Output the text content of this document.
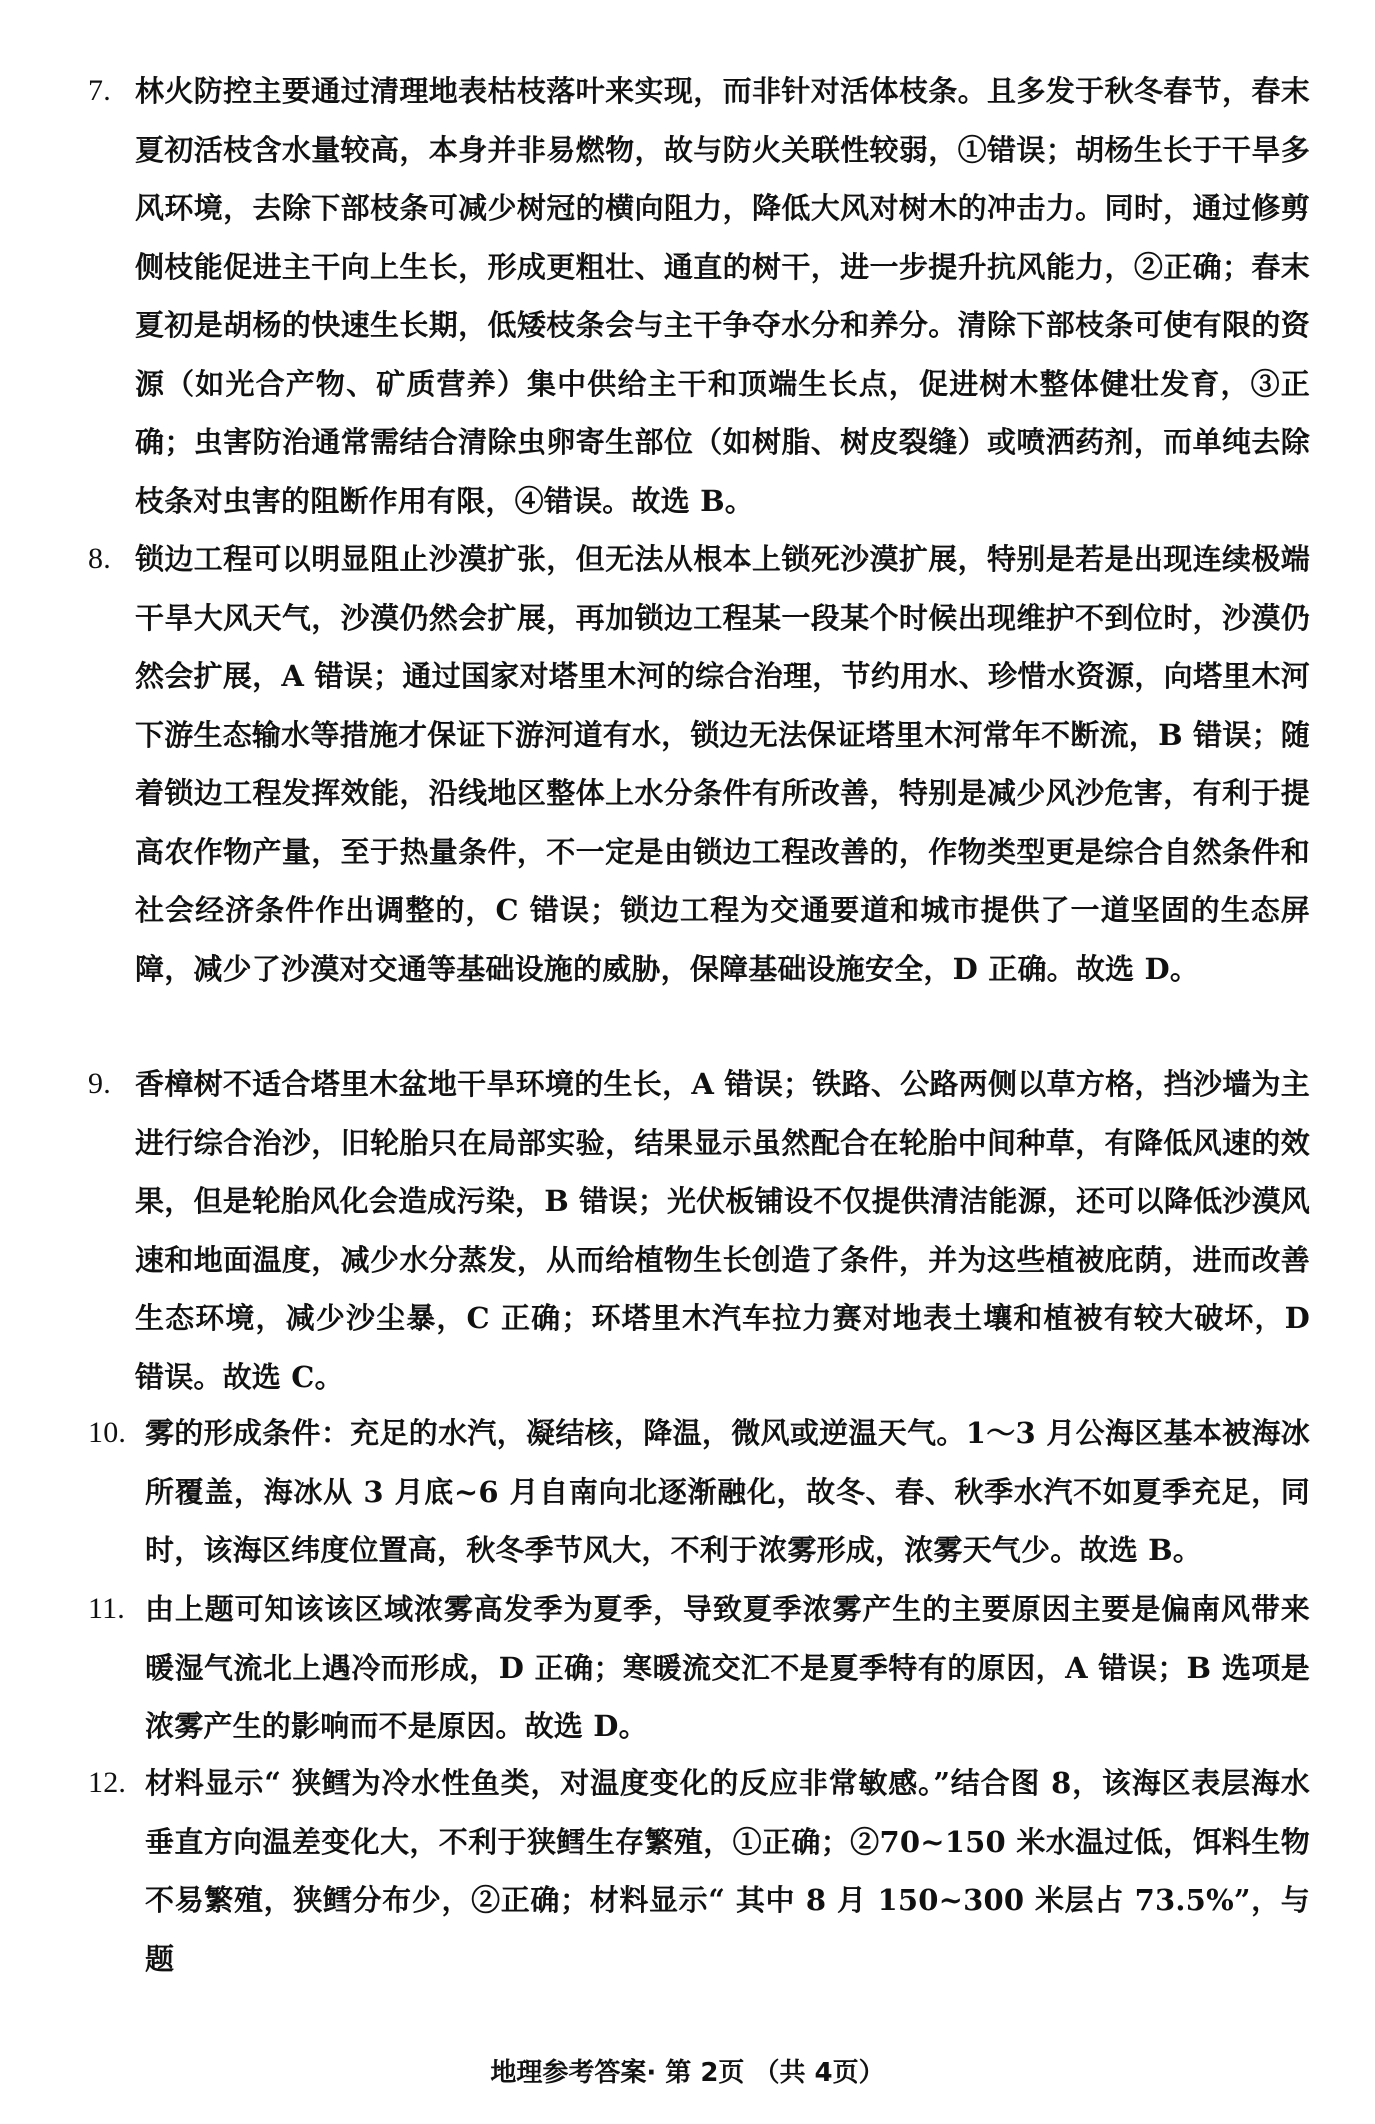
7. 林火防控主要通过清理地表枯枝落叶来实现，而非针对活体枝条。且多发于秋冬春节，春末夏初活枝含水量较高，本身并非易燃物，故与防火关联性较弱，①错误；胡杨生长于干旱多风环境，去除下部枝条可减少树冠的横向阻力，降低大风对树木的冲击力。同时，通过修剪侧枝能促进主干向上生长，形成更粗壮、通直的树干，进一步提升抗风能力，②正确；春末夏初是胡杨的快速生长期，低矮枝条会与主干争夺水分和养分。清除下部枝条可使有限的资源（如光合产物、矿质营养）集中供给主干和顶端生长点，促进树木整体健壮发育，③正确；虫害防治通常需结合清除虫卵寄生部位（如树脂、树皮裂缝）或喷洒药剂，而单纯去除枝条对虫害的阻断作用有限，④错误。故选 B。
8. 锁边工程可以明显阻止沙漠扩张，但无法从根本上锁死沙漠扩展，特别是若是出现连续极端干旱大风天气，沙漠仍然会扩展，再加锁边工程某一段某个时候出现维护不到位时，沙漠仍然会扩展，A 错误；通过国家对塔里木河的综合治理，节约用水、珍惜水资源，向塔里木河下游生态输水等措施才保证下游河道有水，锁边无法保证塔里木河常年不断流，B 错误；随着锁边工程发挥效能，沿线地区整体上水分条件有所改善，特别是减少风沙危害，有利于提高农作物产量，至于热量条件，不一定是由锁边工程改善的，作物类型更是综合自然条件和社会经济条件作出调整的，C 错误；锁边工程为交通要道和城市提供了一道坚固的生态屏障，减少了沙漠对交通等基础设施的威胁，保障基础设施安全，D 正确。故选 D。
9. 香樟树不适合塔里木盆地干旱环境的生长，A 错误；铁路、公路两侧以草方格，挡沙墙为主进行综合治沙，旧轮胎只在局部实验，结果显示虽然配合在轮胎中间种草，有降低风速的效果，但是轮胎风化会造成污染，B 错误；光伏板铺设不仅提供清洁能源，还可以降低沙漠风速和地面温度，减少水分蒸发，从而给植物生长创造了条件，并为这些植被庇荫，进而改善生态环境，减少沙尘暴，C 正确；环塔里木汽车拉力赛对地表土壤和植被有较大破坏，D 错误。故选 C。
10. 雾的形成条件：充足的水汽，凝结核，降温，微风或逆温天气。1～3 月公海区基本被海冰所覆盖，海冰从 3 月底~6 月自南向北逐渐融化，故冬、春、秋季水汽不如夏季充足，同时，该海区纬度位置高，秋冬季节风大，不利于浓雾形成，浓雾天气少。故选 B。
11. 由上题可知该该区域浓雾高发季为夏季，导致夏季浓雾产生的主要原因主要是偏南风带来暖湿气流北上遇冷而形成，D 正确；寒暖流交汇不是夏季特有的原因，A 错误；B 选项是浓雾产生的影响而不是原因。故选 D。
12. 材料显示“ 狭鳕为冷水性鱼类，对温度变化的反应非常敏感。”结合图 8，该海区表层海水垂直方向温差变化大，不利于狭鳕生存繁殖，①正确；②70~150 米水温过低，饵料生物不易繁殖，狭鳕分布少，②正确；材料显示“ 其中 8 月 150~300 米层占 73.5%”，与题
地理参考答案· 第 2页 （共 4页）
